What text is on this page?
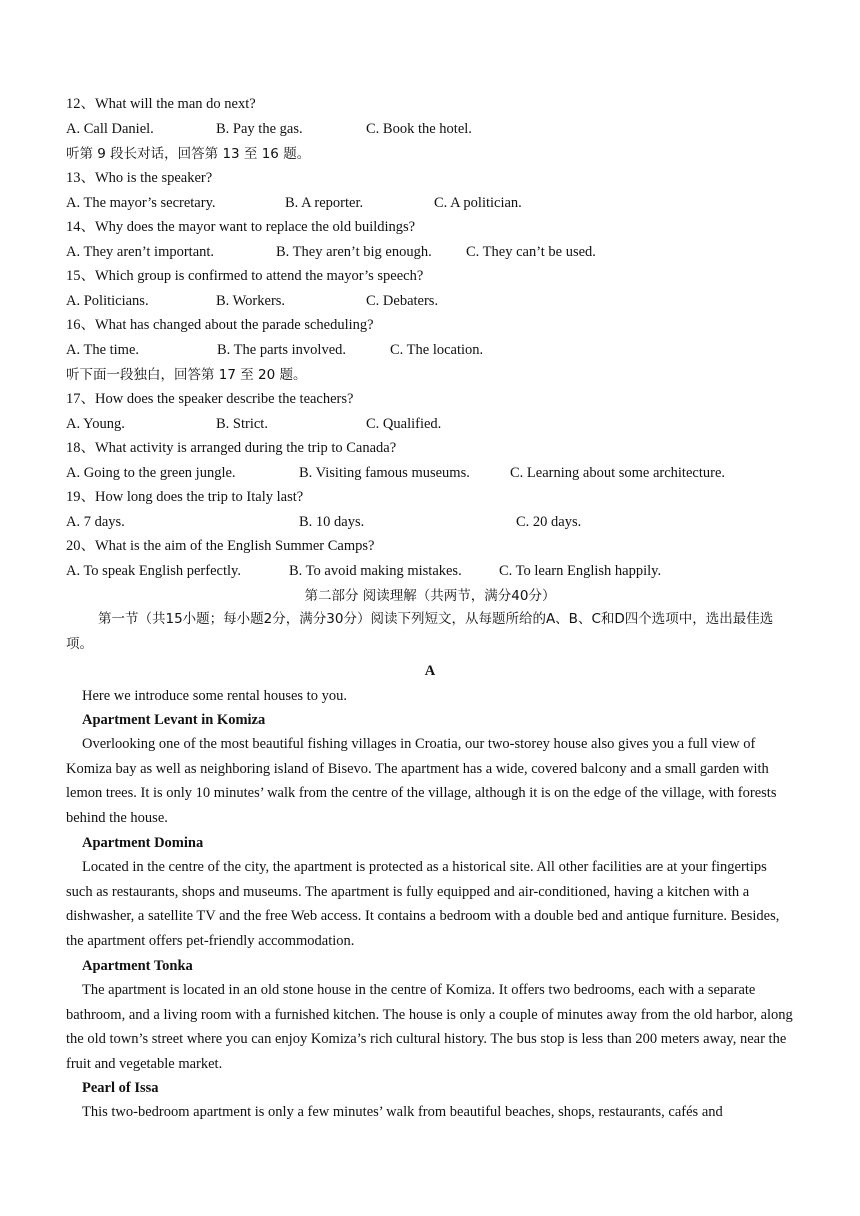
12、What will the man do next?
A. Call Daniel.	B. Pay the gas.	C. Book the hotel.
听第 9 段长对话，回答第 13 至 16 题。
13、Who is the speaker?
A. The mayor’s secretary.	B. A reporter.	C. A politician.
14、Why does the mayor want to replace the old buildings?
A. They aren’t important.	B. They aren’t big enough. C. They can’t be used.
15、Which group is confirmed to attend the mayor’s speech?
A. Politicians.	B. Workers.	C. Debaters.
16、What has changed about the parade scheduling?
A. The time.	B. The parts involved.	C. The location.
听下面一段独白，回答第 17 至 20 题。
17、How does the speaker describe the teachers?
A. Young.	B. Strict.	C. Qualified.
18、What activity is arranged during the trip to Canada?
A. Going to the green jungle.	B. Visiting famous museums.	C. Learning about some architecture.
19、How long does the trip to Italy last?
A. 7 days.	B. 10 days.	C. 20 days.
20、What is the aim of the English Summer Camps?
A. To speak English perfectly.	B. To avoid making mistakes.	C. To learn English happily.
第二部分 阅读理解（共两节，满分40分）
第一节（共15小题；每小题2分，满分30分）阅读下列短文，从每题所给的A、B、C和D四个选项中，选出最佳选项。
A
Here we introduce some rental houses to you.
Apartment Levant in Komiza
Overlooking one of the most beautiful fishing villages in Croatia, our two-storey house also gives you a full view of Komiza bay as well as neighboring island of Bisevo. The apartment has a wide, covered balcony and a small garden with lemon trees. It is only 10 minutes’ walk from the centre of the village, although it is on the edge of the village, with forests behind the house.
Apartment Domina
Located in the centre of the city, the apartment is protected as a historical site. All other facilities are at your fingertips such as restaurants, shops and museums. The apartment is fully equipped and air-conditioned, having a kitchen with a dishwasher, a satellite TV and the free Web access. It contains a bedroom with a double bed and antique furniture. Besides, the apartment offers pet-friendly accommodation.
Apartment Tonka
The apartment is located in an old stone house in the centre of Komiza. It offers two bedrooms, each with a separate bathroom, and a living room with a furnished kitchen. The house is only a couple of minutes away from the old harbor, along the old town’s street where you can enjoy Komiza’s rich cultural history. The bus stop is less than 200 meters away, near the fruit and vegetable market.
Pearl of Issa
This two-bedroom apartment is only a few minutes’ walk from beautiful beaches, shops, restaurants, cafés and
